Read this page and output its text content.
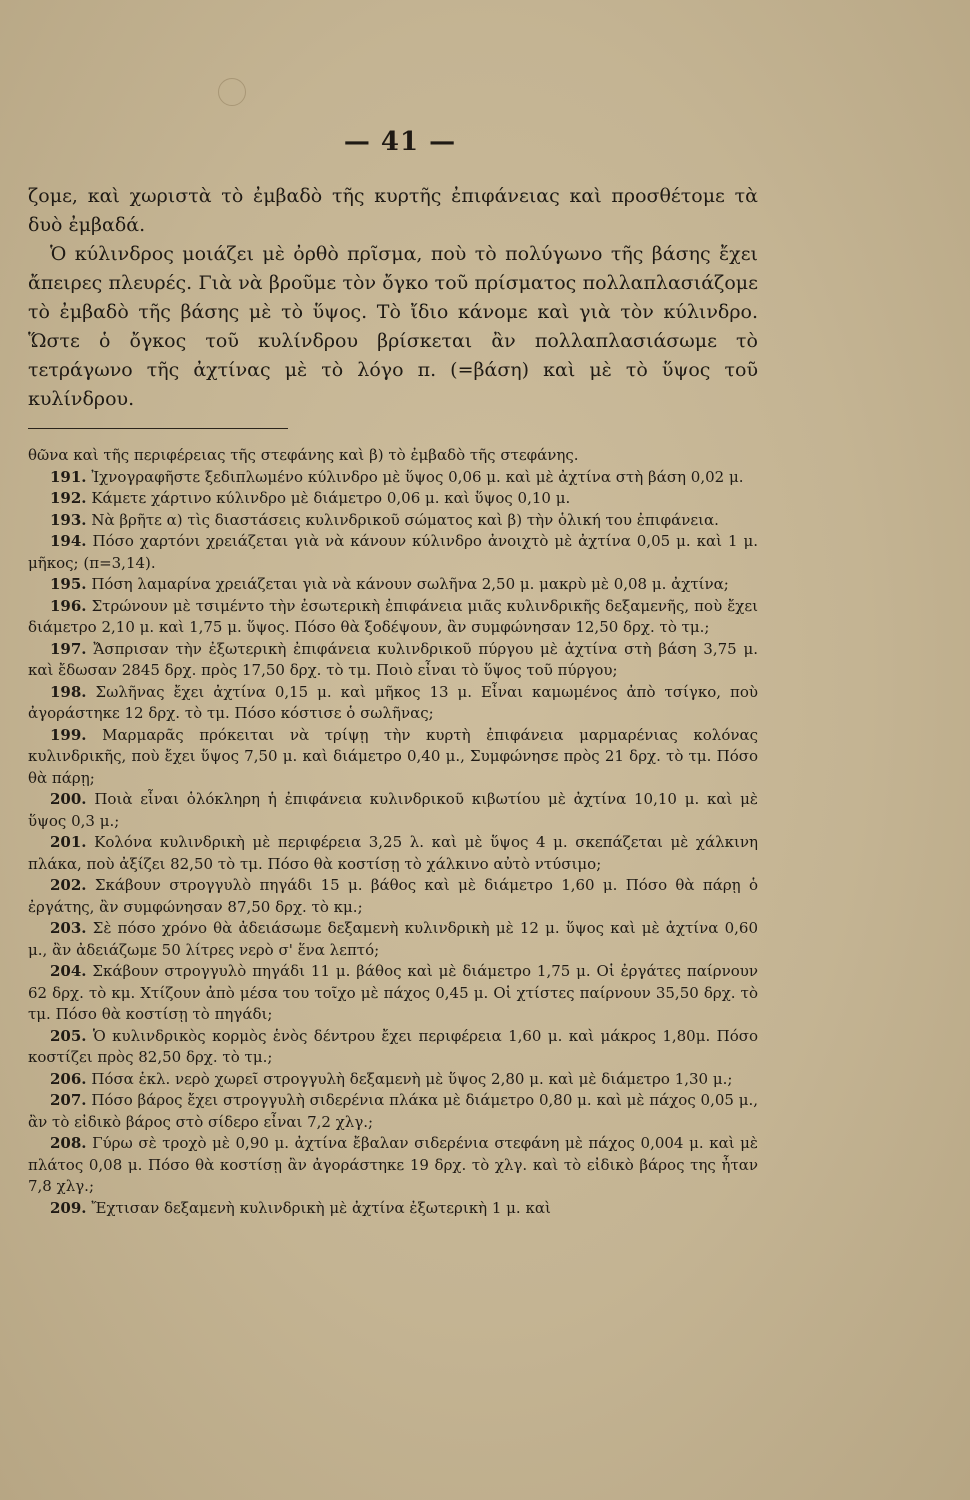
— 41 —

ζομε, καὶ χωριστὰ τὸ ἐμβαδὸ τῆς κυρτῆς ἐπιφάνειας καὶ προσθέτομε τὰ δυὸ ἐμβαδά.

Ὁ κύλινδρος μοιάζει μὲ ὀρθὸ πρῖσμα, ποὺ τὸ πολύγωνο τῆς βάσης ἔχει ἄπειρες πλευρές. Γιὰ νὰ βροῦμε τὸν ὄγκο τοῦ πρίσματος πολλαπλασιάζομε τὸ ἐμβαδὸ τῆς βάσης μὲ τὸ ὕψος. Τὸ ἴδιο κάνομε καὶ γιὰ τὸν κύλινδρο. Ὥστε ὁ ὄγκος τοῦ κυλίνδρου βρίσκεται ἂν πολλαπλασιάσωμε τὸ τετράγωνο τῆς ἀχτίνας μὲ τὸ λόγο π. (=βάση) καὶ μὲ τὸ ὕψος τοῦ κυλίνδρου.

θῶνα καὶ τῆς περιφέρειας τῆς στεφάνης καὶ β) τὸ ἐμβαδὸ τῆς στεφάνης.

191. Ἰχνογραφῆστε ξεδιπλωμένο κύλινδρο μὲ ὕψος 0,06 μ. καὶ μὲ ἀχτίνα στὴ βάση 0,02 μ.

192. Κάμετε χάρτινο κύλινδρο μὲ διάμετρο 0,06 μ. καὶ ὕψος 0,10 μ.

193. Νὰ βρῆτε α) τὶς διαστάσεις κυλινδρικοῦ σώματος καὶ β) τὴν ὁλική του ἐπιφάνεια.

194. Πόσο χαρτόνι χρειάζεται γιὰ νὰ κάνουν κύλινδρο ἀνοιχτὸ μὲ ἀχτίνα 0,05 μ. καὶ 1 μ. μῆκος; (π=3,14).

195. Πόση λαμαρίνα χρειάζεται γιὰ νὰ κάνουν σωλῆνα 2,50 μ. μακρὺ μὲ 0,08 μ. ἀχτίνα;

196. Στρώνουν μὲ τσιμέντο τὴν ἐσωτερικὴ ἐπιφάνεια μιᾶς κυλινδρικῆς δεξαμενῆς, ποὺ ἔχει διάμετρο 2,10 μ. καὶ 1,75 μ. ὕψος. Πόσο θὰ ξοδέψουν, ἂν συμφώνησαν 12,50 δρχ. τὸ τμ.;

197. Ἄσπρισαν τὴν ἐξωτερικὴ ἐπιφάνεια κυλινδρικοῦ πύργου μὲ ἀχτίνα στὴ βάση 3,75 μ. καὶ ἔδωσαν 2845 δρχ. πρὸς 17,50 δρχ. τὸ τμ. Ποιὸ εἶναι τὸ ὕψος τοῦ πύργου;

198. Σωλῆνας ἔχει ἀχτίνα 0,15 μ. καὶ μῆκος 13 μ. Εἶναι καμωμένος ἀπὸ τσίγκο, ποὺ ἀγοράστηκε 12 δρχ. τὸ τμ. Πόσο κόστισε ὁ σωλῆνας;

199. Μαρμαρᾶς πρόκειται νὰ τρίψῃ τὴν κυρτὴ ἐπιφάνεια μαρμαρένιας κολόνας κυλινδρικῆς, ποὺ ἔχει ὕψος 7,50 μ. καὶ διάμετρο 0,40 μ., Συμφώνησε πρὸς 21 δρχ. τὸ τμ. Πόσο θὰ πάρῃ;

200. Ποιὰ εἶναι ὁλόκληρη ἡ ἐπιφάνεια κυλινδρικοῦ κιβωτίου μὲ ἀχτίνα 10,10 μ. καὶ μὲ ὕψος 0,3 μ.;

201. Κολόνα κυλινδρικὴ μὲ περιφέρεια 3,25 λ. καὶ μὲ ὕψος 4 μ. σκεπάζεται μὲ χάλκινη πλάκα, ποὺ ἀξίζει 82,50 τὸ τμ. Πόσο θὰ κοστίσῃ τὸ χάλκινο αὐτὸ ντύσιμο;

202. Σκάβουν στρογγυλὸ πηγάδι 15 μ. βάθος καὶ μὲ διάμετρο 1,60 μ. Πόσο θὰ πάρῃ ὁ ἐργάτης, ἂν συμφώνησαν 87,50 δρχ. τὸ κμ.;

203. Σὲ πόσο χρόνο θὰ ἀδειάσωμε δεξαμενὴ κυλινδρικὴ μὲ 12 μ. ὕψος καὶ μὲ ἀχτίνα 0,60 μ., ἂν ἀδειάζωμε 50 λίτρες νερὸ σ' ἕνα λεπτό;

204. Σκάβουν στρογγυλὸ πηγάδι 11 μ. βάθος καὶ μὲ διάμετρο 1,75 μ. Οἱ ἐργάτες παίρνουν 62 δρχ. τὸ κμ. Χτίζουν ἀπὸ μέσα του τοῖχο μὲ πάχος 0,45 μ. Οἱ χτίστες παίρνουν 35,50 δρχ. τὸ τμ. Πόσο θὰ κοστίσῃ τὸ πηγάδι;

205. Ὁ κυλινδρικὸς κορμὸς ἑνὸς δέντρου ἔχει περιφέρεια 1,60 μ. καὶ μάκρος 1,80μ. Πόσο κοστίζει πρὸς 82,50 δρχ. τὸ τμ.;

206. Πόσα ἑκλ. νερὸ χωρεῖ στρογγυλὴ δεξαμενὴ μὲ ὕψος 2,80 μ. καὶ μὲ διάμετρο 1,30 μ.;

207. Πόσο βάρος ἔχει στρογγυλὴ σιδερένια πλάκα μὲ διάμετρο 0,80 μ. καὶ μὲ πάχος 0,05 μ., ἂν τὸ εἰδικὸ βάρος στὸ σίδερο εἶναι 7,2 χλγ.;

208. Γύρω σὲ τροχὸ μὲ 0,90 μ. ἀχτίνα ἔβαλαν σιδερένια στεφάνη μὲ πάχος 0,004 μ. καὶ μὲ πλάτος 0,08 μ. Πόσο θὰ κοστίσῃ ἂν ἀγοράστηκε 19 δρχ. τὸ χλγ. καὶ τὸ εἰδικὸ βάρος της ἦταν 7,8 χλγ.;

209. Ἔχτισαν δεξαμενὴ κυλινδρικὴ μὲ ἀχτίνα ἐξωτερικὴ 1 μ. καὶ
